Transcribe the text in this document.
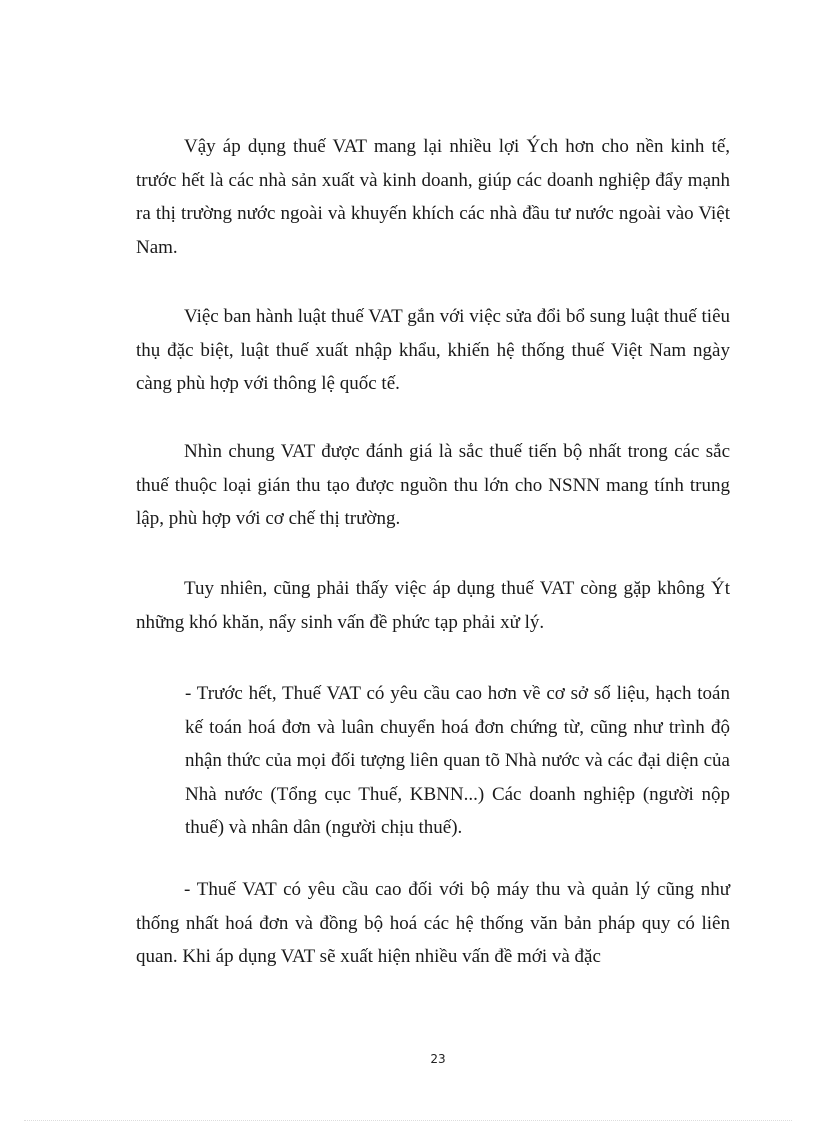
Vậy áp dụng thuế VAT mang lại nhiều lợi Ých hơn cho nền kinh tế, trước hết là các nhà sản xuất và kinh doanh, giúp các doanh nghiệp đẩy mạnh ra thị trường nước ngoài và khuyến khích các nhà đầu tư nước ngoài vào Việt Nam.

Việc ban hành luật thuế VAT gắn với việc sửa đổi bổ sung luật thuế tiêu thụ đặc biệt, luật thuế xuất nhập khẩu, khiến hệ thống thuế Việt Nam ngày càng phù hợp với thông lệ quốc tế.

Nhìn chung VAT được đánh giá là sắc thuế tiến bộ nhất trong các sắc thuế thuộc loại gián thu tạo được nguồn thu lớn cho NSNN mang tính trung lập, phù hợp với cơ chế thị trường.

Tuy nhiên, cũng phải thấy việc áp dụng thuế VAT còng gặp không Ýt những khó khăn, nẩy sinh vấn đề phức tạp phải xử lý.

- Trước hết, Thuế VAT có yêu cầu cao hơn về cơ sở số liệu, hạch toán kế toán hoá đơn và luân chuyển hoá đơn chứng từ, cũng như trình độ nhận thức của mọi đối tượng liên quan tõ Nhà nước và các đại diện của Nhà nước (Tổng cục Thuế, KBNN...) Các doanh nghiệp (người nộp thuế) và nhân dân (người chịu thuế).

- Thuế VAT có yêu cầu cao đối với bộ máy thu và quản lý cũng như thống nhất hoá đơn và đồng bộ hoá các hệ thống văn bản pháp quy có liên quan. Khi áp dụng VAT sẽ xuất hiện nhiều vấn đề mới và đặc

23
